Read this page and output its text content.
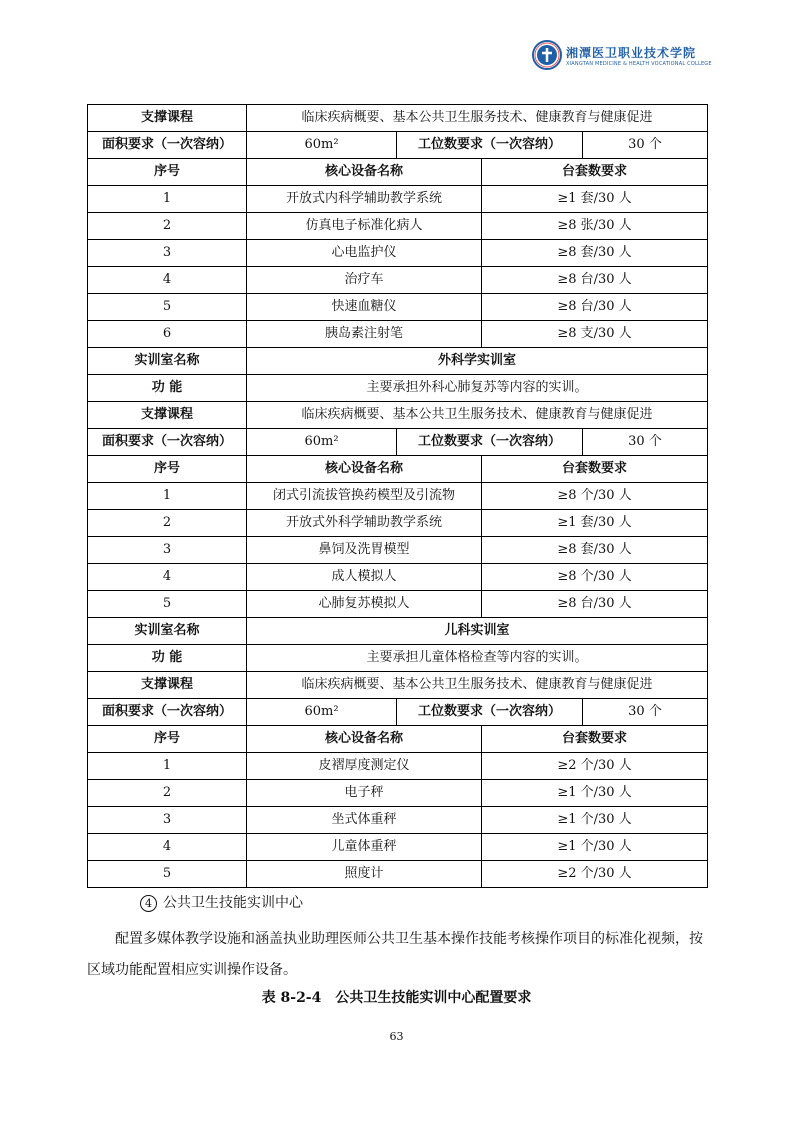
湘潭医卫职业技术学院
XIANGTAN MEDICINE & HEALTH VOCATIONAL COLLEGE
支撑课程	临床疾病概要、基本公共卫生服务技术、健康教育与健康促进			
面积要求（一次容纳）	60m²	工位数要求（一次容纳）		30 个
序号	核心设备名称		台套数要求	
1	开放式内科学辅助教学系统		≥1 套/30 人	
2	仿真电子标准化病人		≥8 张/30 人	
3	心电监护仪		≥8 套/30 人	
4	治疗车		≥8 台/30 人	
5	快速血糖仪		≥8 台/30 人	
6	胰岛素注射笔		≥8 支/30 人	
实训室名称	外科学实训室			
功 能	主要承担外科心肺复苏等内容的实训。			
支撑课程	临床疾病概要、基本公共卫生服务技术、健康教育与健康促进			
面积要求（一次容纳）	60m²	工位数要求（一次容纳）		30 个
序号	核心设备名称		台套数要求	
1	闭式引流拔管换药模型及引流物		≥8 个/30 人	
2	开放式外科学辅助教学系统		≥1 套/30 人	
3	鼻饲及洗胃模型		≥8 套/30 人	
4	成人模拟人		≥8 个/30 人	
5	心肺复苏模拟人		≥8 台/30 人	
实训室名称	儿科实训室			
功 能	主要承担儿童体格检查等内容的实训。			
支撑课程	临床疾病概要、基本公共卫生服务技术、健康教育与健康促进			
面积要求（一次容纳）	60m²	工位数要求（一次容纳）		30 个
序号	核心设备名称		台套数要求	
1	皮褶厚度测定仪		≥2 个/30 人	
2	电子秤		≥1 个/30 人	
3	坐式体重秤		≥1 个/30 人	
4	儿童体重秤		≥1 个/30 人	
5	照度计		≥2 个/30 人	
4 公共卫生技能实训中心
配置多媒体教学设施和涵盖执业助理医师公共卫生基本操作技能考核操作项目的标准化视频，按区域功能配置相应实训操作设备。
表 8-2-4　公共卫生技能实训中心配置要求
63
